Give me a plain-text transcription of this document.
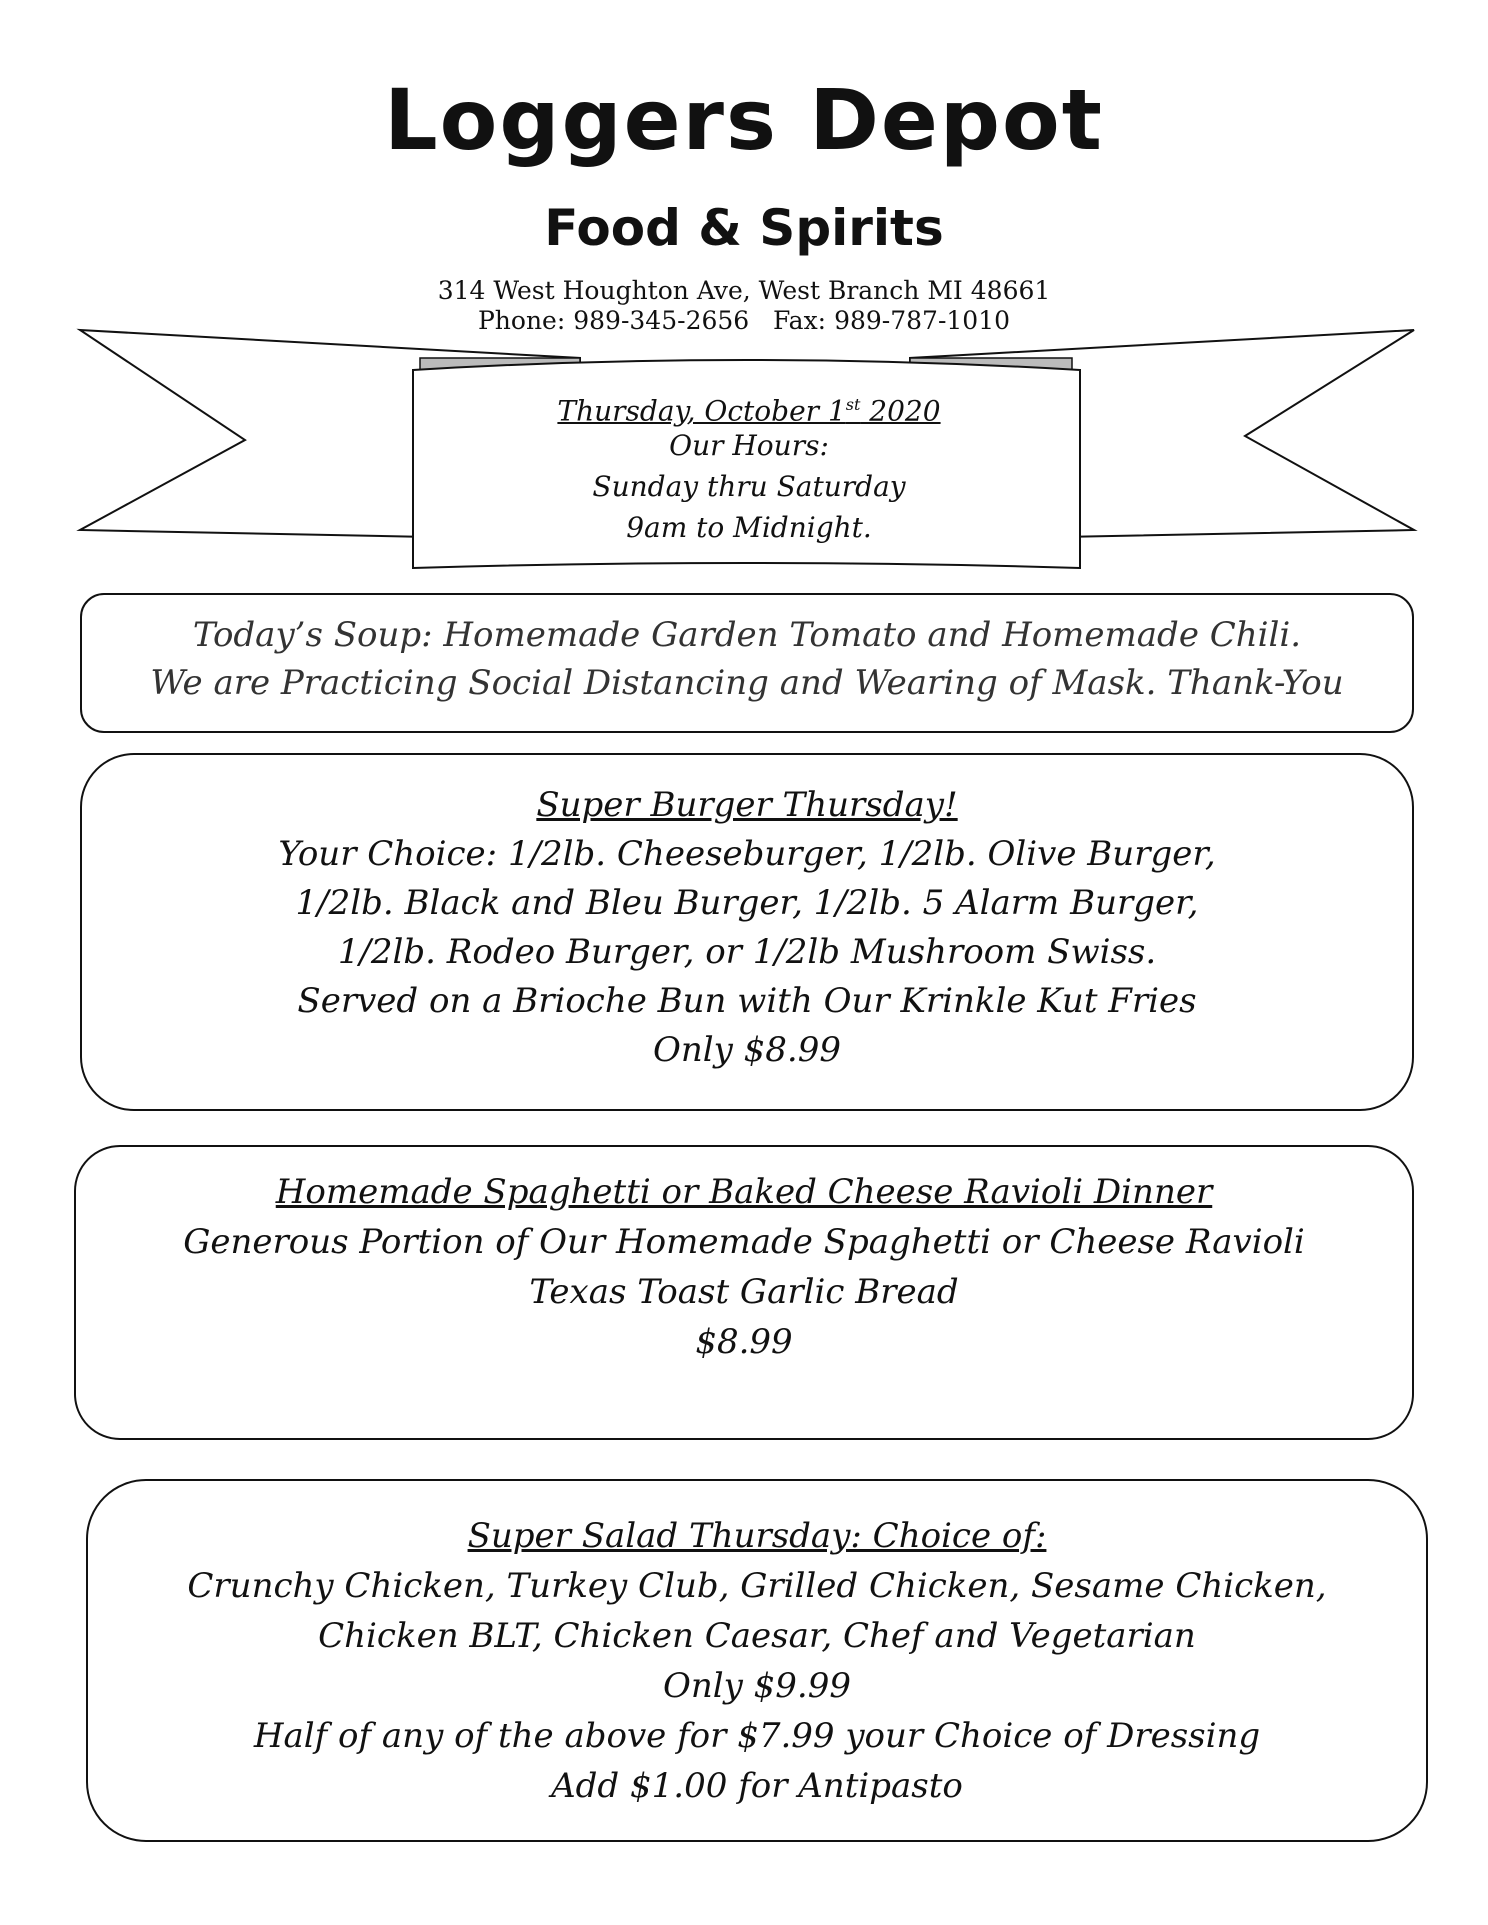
Loggers Depot
Food & Spirits
314 West Houghton Ave, West Branch MI 48661
Phone: 989-345-2656 Fax: 989-787-1010
Thursday, October 1st 2020
Our Hours:
Sunday thru Saturday
9am to Midnight.
Today’s Soup: Homemade Garden Tomato and Homemade Chili.
We are Practicing Social Distancing and Wearing of Mask. Thank-You
Super Burger Thursday!
Your Choice: 1/2lb. Cheeseburger, 1/2lb. Olive Burger,
1/2lb. Black and Bleu Burger, 1/2lb. 5 Alarm Burger,
1/2lb. Rodeo Burger, or 1/2lb Mushroom Swiss.
Served on a Brioche Bun with Our Krinkle Kut Fries
Only $8.99
Homemade Spaghetti or Baked Cheese Ravioli Dinner
Generous Portion of Our Homemade Spaghetti or Cheese Ravioli
Texas Toast Garlic Bread
$8.99
Super Salad Thursday: Choice of:
Crunchy Chicken, Turkey Club, Grilled Chicken, Sesame Chicken,
Chicken BLT, Chicken Caesar, Chef and Vegetarian
Only $9.99
Half of any of the above for $7.99 your Choice of Dressing
Add $1.00 for Antipasto
